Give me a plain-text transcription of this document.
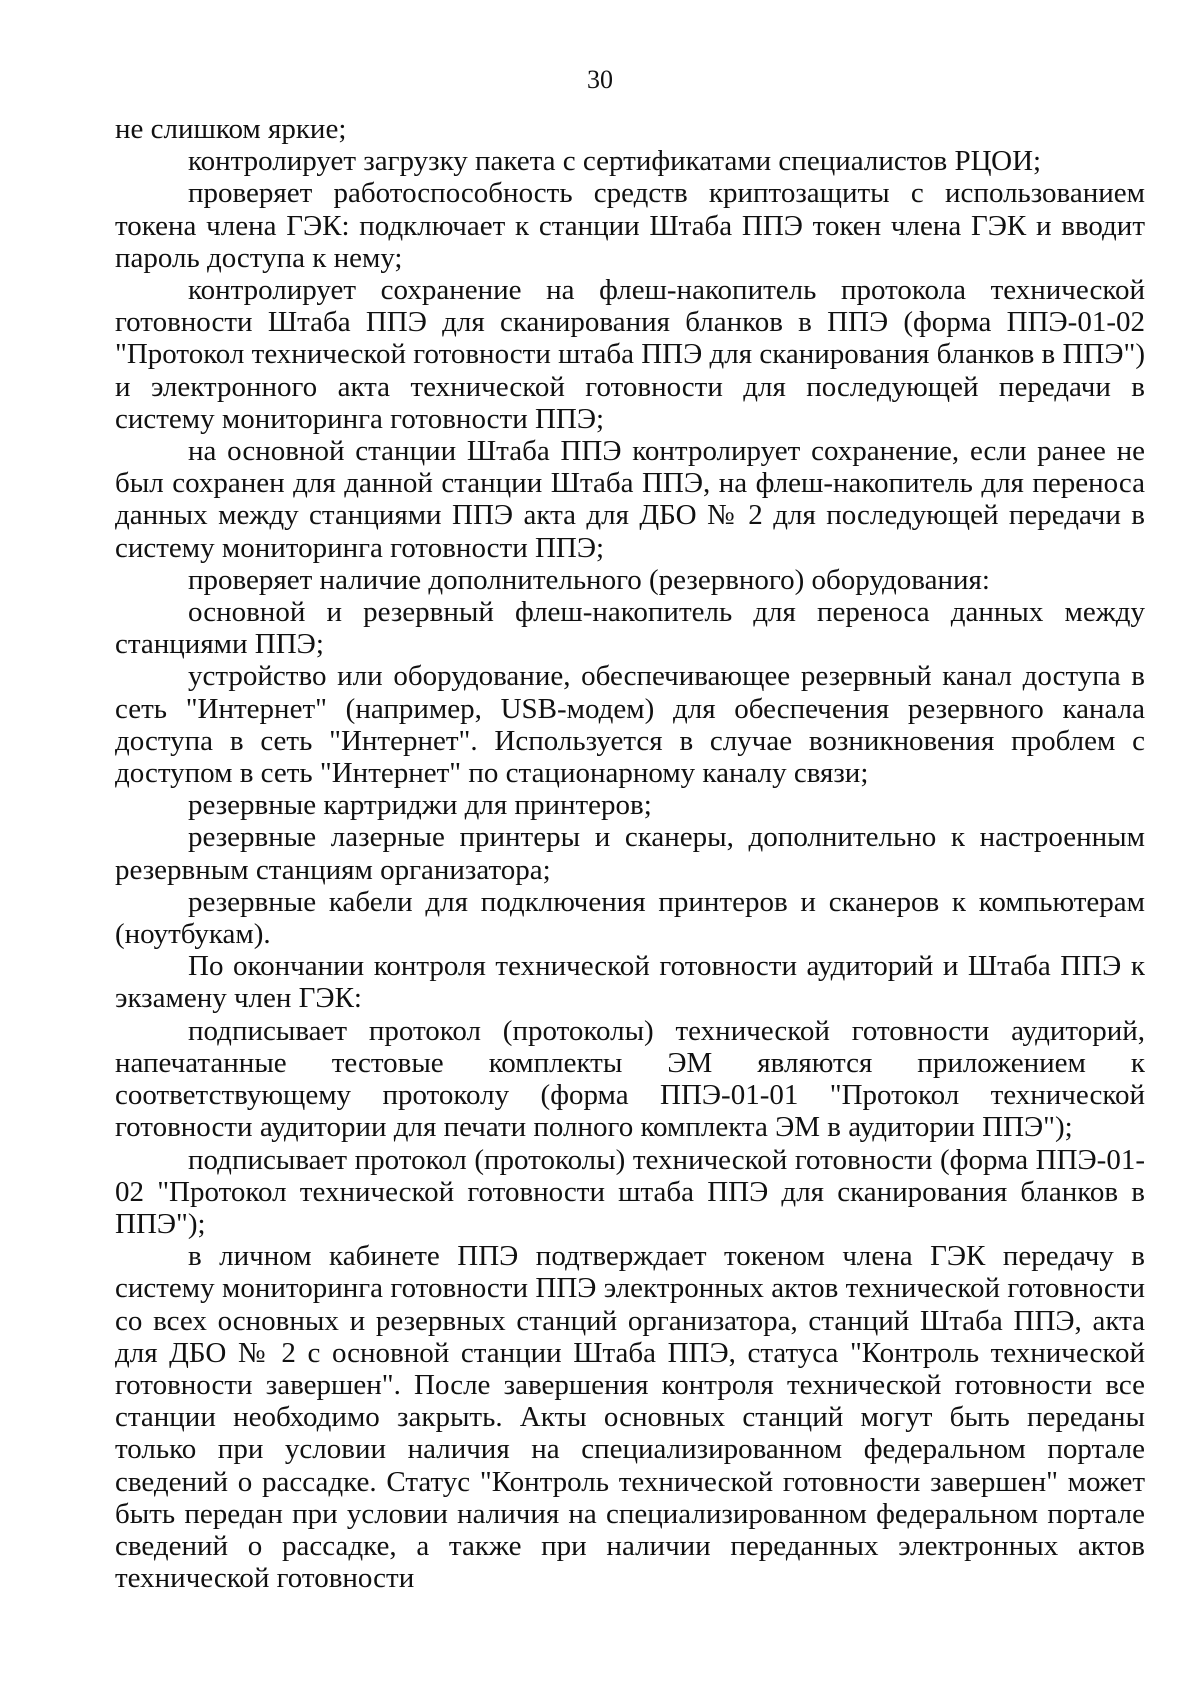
30

не слишком яркие;

контролирует загрузку пакета с сертификатами специалистов РЦОИ;

проверяет работоспособность средств криптозащиты с использованием токена члена ГЭК: подключает к станции Штаба ППЭ токен члена ГЭК и вводит пароль доступа к нему;

контролирует сохранение на флеш-накопитель протокола технической готовности Штаба ППЭ для сканирования бланков в ППЭ (форма ППЭ-01-02 "Протокол технической готовности штаба ППЭ для сканирования бланков в ППЭ") и электронного акта технической готовности для последующей передачи в систему мониторинга готовности ППЭ;

на основной станции Штаба ППЭ контролирует сохранение, если ранее не был сохранен для данной станции Штаба ППЭ, на флеш-накопитель для переноса данных между станциями ППЭ акта для ДБО № 2 для последующей передачи в систему мониторинга готовности ППЭ;

проверяет наличие дополнительного (резервного) оборудования:

основной и резервный флеш-накопитель для переноса данных между станциями ППЭ;

устройство или оборудование, обеспечивающее резервный канал доступа в сеть "Интернет" (например, USB-модем) для обеспечения резервного канала доступа в сеть "Интернет". Используется в случае возникновения проблем с доступом в сеть "Интернет" по стационарному каналу связи;

резервные картриджи для принтеров;

резервные лазерные принтеры и сканеры, дополнительно к настроенным резервным станциям организатора;

резервные кабели для подключения принтеров и сканеров к компьютерам (ноутбукам).

По окончании контроля технической готовности аудиторий и Штаба ППЭ к экзамену член ГЭК:

подписывает протокол (протоколы) технической готовности аудиторий, напечатанные тестовые комплекты ЭМ являются приложением к соответствующему протоколу (форма ППЭ-01-01 "Протокол технической готовности аудитории для печати полного комплекта ЭМ в аудитории ППЭ");

подписывает протокол (протоколы) технической готовности (форма ППЭ-01-02 "Протокол технической готовности штаба ППЭ для сканирования бланков в ППЭ");

в личном кабинете ППЭ подтверждает токеном члена ГЭК передачу в систему мониторинга готовности ППЭ электронных актов технической готовности со всех основных и резервных станций организатора, станций Штаба ППЭ, акта для ДБО № 2 с основной станции Штаба ППЭ, статуса "Контроль технической готовности завершен". После завершения контроля технической готовности все станции необходимо закрыть. Акты основных станций могут быть переданы только при условии наличия на специализированном федеральном портале сведений о рассадке. Статус "Контроль технической готовности завершен" может быть передан при условии наличия на специализированном федеральном портале сведений о рассадке, а также при наличии переданных электронных актов технической готовности
